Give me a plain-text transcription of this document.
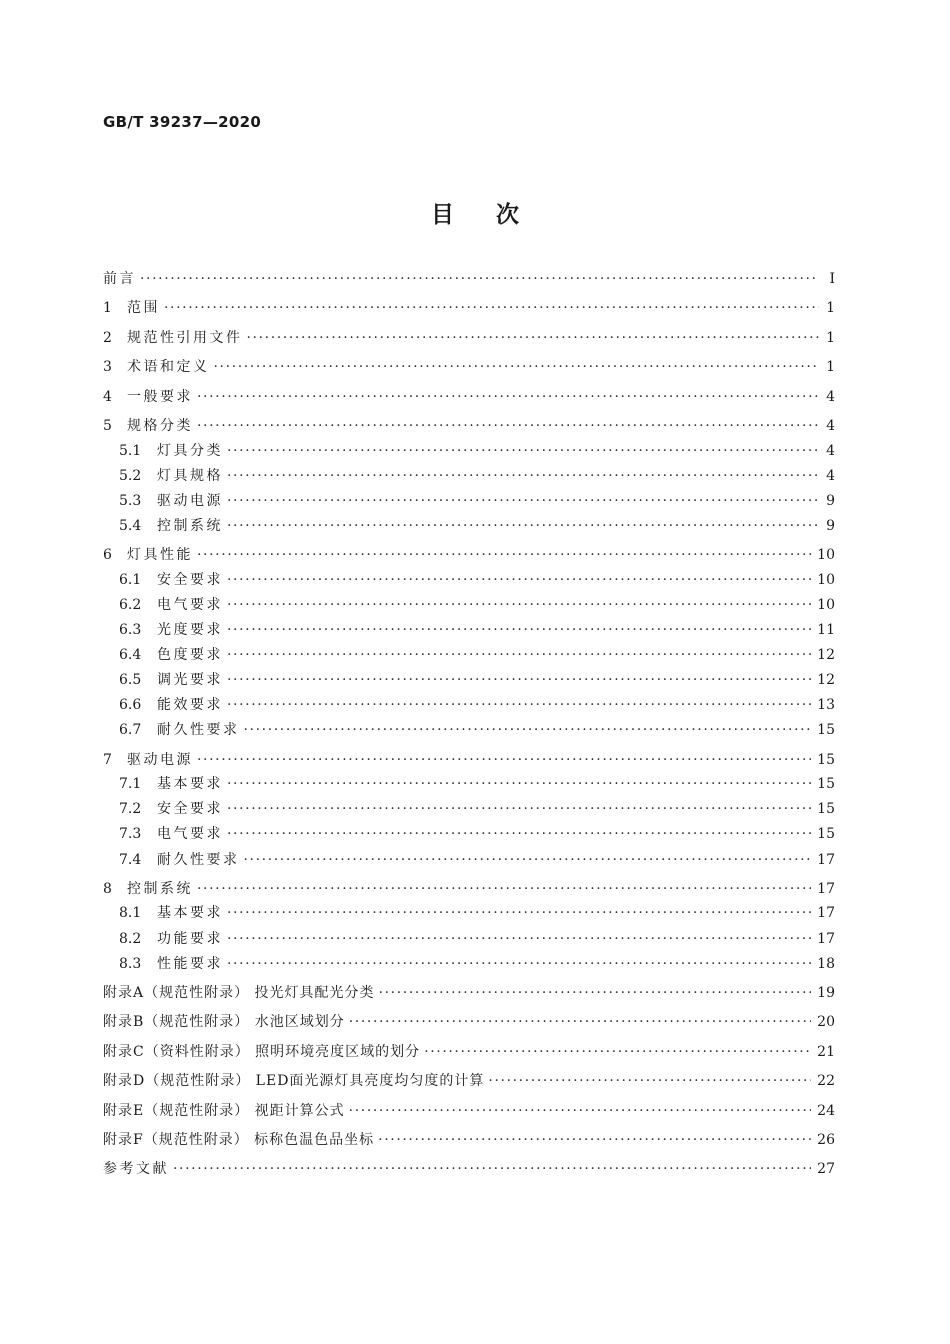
GB/T 39237—2020
目 次
前言 ·····	Ⅰ
1	范围 ·····	1
2	规范性引用文件 ·····	1
3	术语和定义 ·····	1
4	一般要求 ·····	4
5	规格分类 ·····	4
5.1	灯具分类 ·····	4
5.2	灯具规格 ·····	4
5.3	驱动电源 ·····	9
5.4	控制系统 ·····	9
6	灯具性能 ·····	10
6.1	安全要求 ·····	10
6.2	电气要求 ·····	10
6.3	光度要求 ·····	11
6.4	色度要求 ·····	12
6.5	调光要求 ·····	12
6.6	能效要求 ·····	13
6.7	耐久性要求 ·····	15
7	驱动电源 ·····	15
7.1	基本要求 ·····	15
7.2	安全要求 ·····	15
7.3	电气要求 ·····	15
7.4	耐久性要求 ·····	17
8	控制系统 ·····	17
8.1	基本要求 ·····	17
8.2	功能要求 ·····	17
8.3	性能要求 ·····	18
附录A（规范性附录） 投光灯具配光分类 ·····	19
附录B（规范性附录） 水池区域划分 ·····	20
附录C（资料性附录） 照明环境亮度区域的划分 ·····	21
附录D（规范性附录） LED面光源灯具亮度均匀度的计算 ·····	22
附录E（规范性附录） 视距计算公式 ·····	24
附录F（规范性附录） 标称色温色品坐标 ·····	26
参考文献 ·····	27
